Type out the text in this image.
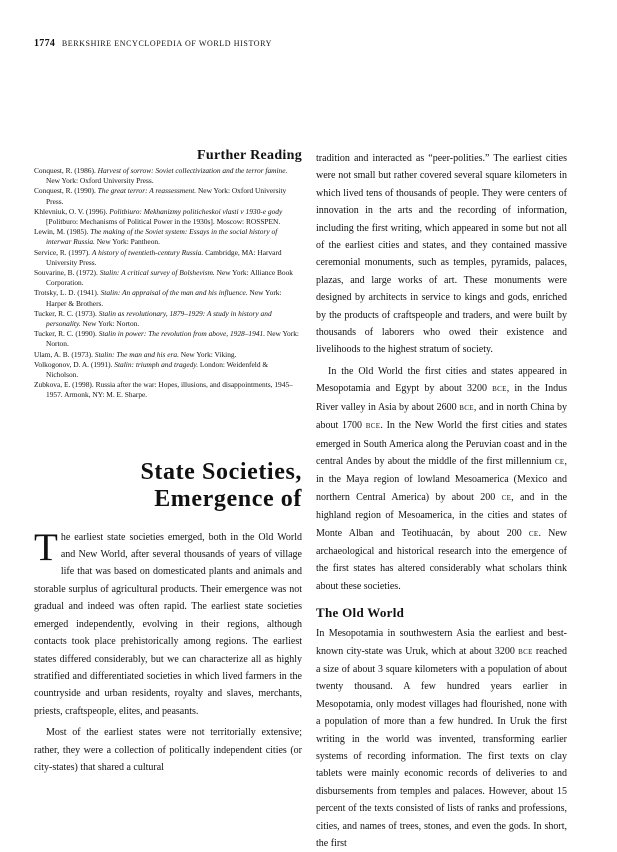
1774 BERKSHIRE ENCYCLOPEDIA OF WORLD HISTORY
Further Reading
Conquest, R. (1986). Harvest of sorrow: Soviet collectivization and the terror famine. New York: Oxford University Press.
Conquest, R. (1990). The great terror: A reassessment. New York: Oxford University Press.
Khlevniuk, O. V. (1996). Politbiuro: Mekhanizmy politicheskoi vlasti v 1930-e gody [Politburo: Mechanisms of Political Power in the 1930s]. Moscow: ROSSPEN.
Lewin, M. (1985). The making of the Soviet system: Essays in the social history of interwar Russia. New York: Pantheon.
Service, R. (1997). A history of twentieth-century Russia. Cambridge, MA: Harvard University Press.
Souvarine, B. (1972). Stalin: A critical survey of Bolshevism. New York: Alliance Book Corporation.
Trotsky, L. D. (1941). Stalin: An appraisal of the man and his influence. New York: Harper & Brothers.
Tucker, R. C. (1973). Stalin as revolutionary, 1879–1929: A study in history and personality. New York: Norton.
Tucker, R. C. (1990). Stalin in power: The revolution from above, 1928–1941. New York: Norton.
Ulam, A. B. (1973). Stalin: The man and his era. New York: Viking.
Volkogonov, D. A. (1991). Stalin: triumph and tragedy. London: Weidenfeld & Nicholson.
Zubkova, E. (1998). Russia after the war: Hopes, illusions, and disappointments, 1945–1957. Armonk, NY: M. E. Sharpe.
State Societies,
Emergence of

The earliest state societies emerged, both in the Old World and New World, after several thousands of years of village life that was based on domesticated plants and animals and storable surplus of agricultural products. Their emergence was not gradual and indeed was often rapid. The earliest state societies emerged independently, evolving in their regions, although contacts took place prehistorically among regions. The earliest states differed considerably, but we can characterize all as highly stratified and differentiated societies in which lived farmers in the countryside and urban residents, royalty and slaves, merchants, priests, craftspeople, elites, and peasants.

Most of the earliest states were not territorially extensive; rather, they were a collection of politically independent cities (or city-states) that shared a cultural

tradition and interacted as “peer-polities.” The earliest cities were not small but rather covered several square kilometers in which lived tens of thousands of people. They were centers of innovation in the arts and the recording of information, including the first writing, which appeared in some but not all of the earliest cities and states, and they contained massive ceremonial monuments, such as temples, pyramids, palaces, plazas, and large works of art. These monuments were designed by architects in service to kings and gods, enriched by the products of craftspeople and traders, and were built by thousands of laborers who owed their existence and livelihoods to the highest stratum of society.

In the Old World the first cities and states appeared in Mesopotamia and Egypt by about 3200 BCE, in the Indus River valley in Asia by about 2600 BCE, and in north China by about 1700 BCE. In the New World the first cities and states emerged in South America along the Peruvian coast and in the central Andes by about the middle of the first millennium CE, in the Maya region of lowland Mesoamerica (Mexico and northern Central America) by about 200 CE, and in the highland region of Mesoamerica, in the cities and states of Monte Alban and Teotihuacán, by about 200 CE. New archaeological and historical research into the emergence of the first states has altered considerably what scholars think about these societies.

The Old World

In Mesopotamia in southwestern Asia the earliest and best-known city-state was Uruk, which at about 3200 BCE reached a size of about 3 square kilometers with a population of about twenty thousand. A few hundred years earlier in Mesopotamia, only modest villages had flourished, none with a population of more than a few hundred. In Uruk the first writing in the world was invented, transforming earlier systems of recording information. The first texts on clay tablets were mainly economic records of deliveries to and disbursements from temples and palaces. However, about 15 percent of the texts consisted of lists of ranks and professions, cities, and names of trees, stones, and even the gods. In short, the first
